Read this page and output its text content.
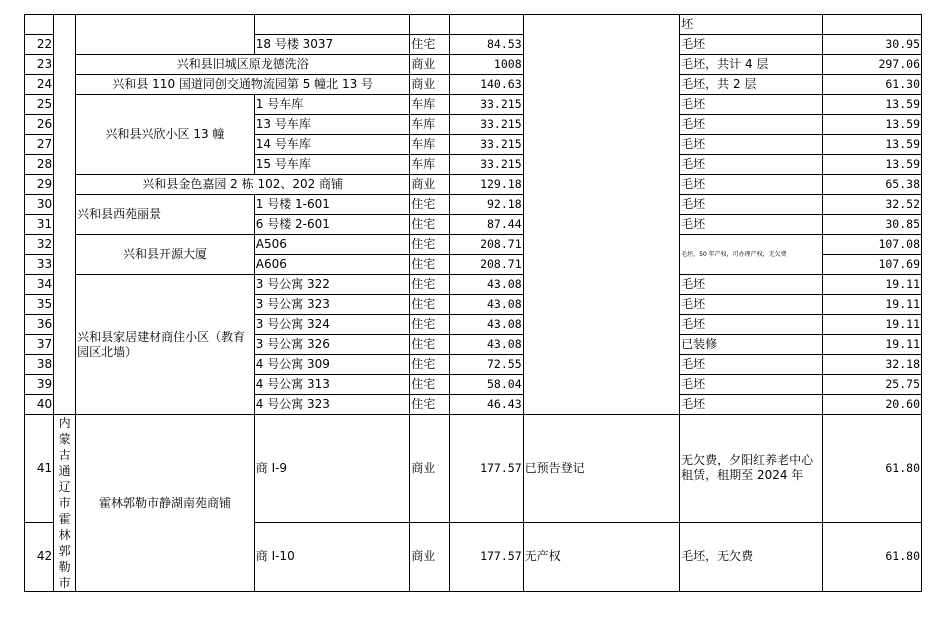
							坯	
22			18 号楼 3037	住宅	84.53		毛坯	30.95
23		兴和县旧城区原龙德洗浴		商业	1008		毛坯，共计 4 层	297.06
24		兴和县 110 国道同创交通物流园第 5 幢北 13 号		商业	140.63		毛坯，共 2 层	61.30
25		兴和县兴欣小区 13 幢	1 号车库	车库	33.215		毛坯	13.59
26			13 号车库	车库	33.215		毛坯	13.59
27			14 号车库	车库	33.215		毛坯	13.59
28			15 号车库	车库	33.215		毛坯	13.59
29		兴和县金色嘉园 2 栋 102、202 商铺		商业	129.18		毛坯	65.38
30		兴和县西苑丽景	1 号楼 1-601	住宅	92.18		毛坯	32.52
31			6 号楼 2-601	住宅	87.44		毛坯	30.85
32		兴和县开源大厦	A506	住宅	208.71		毛坯，50 年产权，可办理产权，无欠费	107.08
33			A606	住宅	208.71			107.69
34		兴和县家居建材商住小区（教育园区北墙）	3 号公寓 322	住宅	43.08		毛坯	19.11
35			3 号公寓 323	住宅	43.08		毛坯	19.11
36			3 号公寓 324	住宅	43.08		毛坯	19.11
37			3 号公寓 326	住宅	43.08		已装修	19.11
38			4 号公寓 309	住宅	72.55		毛坯	32.18
39			4 号公寓 313	住宅	58.04		毛坯	25.75
40			4 号公寓 323	住宅	46.43		毛坯	20.60
41	内蒙古通辽市霍林郭勒市	霍林郭勒市静湖南苑商铺	商 I-9	商业	177.57	已预告登记	无欠费，夕阳红养老中心租赁，租期至 2024 年	61.80
42			商 I-10	商业	177.57	无产权	毛坯，无欠费	61.80
